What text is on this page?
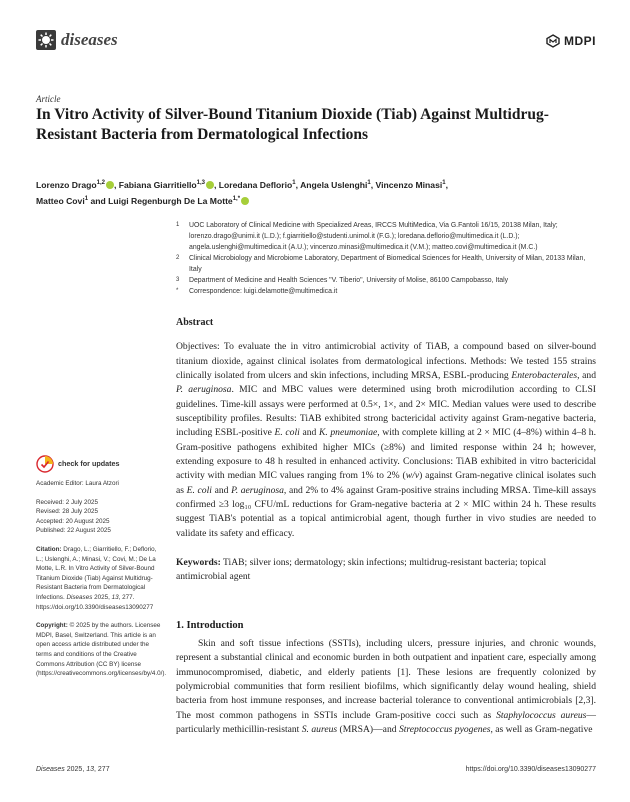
diseases	MDPI
Article
In Vitro Activity of Silver-Bound Titanium Dioxide (Tiab) Against Multidrug-Resistant Bacteria from Dermatological Infections
Lorenzo Drago$^{1,2}$ , Fabiana Giarritiello$^{1,3}$ , Loredana Deflorio$^1$, Angela Uslenghi$^1$, Vincenzo Minasi$^1$,
Matteo Covi$^1$ and Luigi Regenburgh De La Motte$^{1,*}$
1 UOC Laboratory of Clinical Medicine with Specialized Areas, IRCCS MultiMedica, Via G.Fantoli 16/15, 20138 Milan, Italy; lorenzo.drago@unimi.it (L.D.); f.giarritiello@studenti.unimol.it (F.G.); loredana.deflorio@multimedica.it (L.D.); angela.uslenghi@multimedica.it (A.U.); vincenzo.minasi@multimedica.it (V.M.); matteo.covi@multimedica.it (M.C.)
2 Clinical Microbiology and Microbiome Laboratory, Department of Biomedical Sciences for Health, University of Milan, 20133 Milan, Italy
3 Department of Medicine and Health Sciences "V. Tiberio", University of Molise, 86100 Campobasso, Italy
* Correspondence: luigi.delamotte@multimedica.it
Abstract

Objectives: To evaluate the in vitro antimicrobial activity of TiAB, a compound based on silver-bound titanium dioxide, against clinical isolates from dermatological infections. Methods: We tested 155 strains clinically isolated from ulcers and skin infections, including MRSA, ESBL-producing Enterobacterales, and P. aeruginosa. MIC and MBC values were determined using broth microdilution according to CLSI guidelines. Time-kill assays were performed at 0.5×, 1×, and 2× MIC. Median values were used to describe susceptibility profiles. Results: TiAB exhibited strong bactericidal activity against Gram-negative bacteria, including ESBL-positive E. coli and K. pneumoniae, with complete killing at 2 × MIC (4–8%) within 4–8 h. Gram-positive pathogens exhibited higher MICs (≥8%) and limited response within 24 h; however, extending exposure to 48 h resulted in enhanced activity. Conclusions: TiAB exhibited in vitro bactericidal activity with median MIC values ranging from 1% to 2% (w/v) against Gram-negative clinical isolates such as E. coli and P. aeruginosa, and 2% to 4% against Gram-positive strains including MRSA. Time-kill assays confirmed ≥3 log₁₀ CFU/mL reductions for Gram-negative bacteria at 2 × MIC within 24 h. These results suggest TiAB's potential as a topical antimicrobial agent, though further in vivo studies are needed to validate its safety and efficacy.

Keywords: TiAB; silver ions; dermatology; skin infections; multidrug-resistant bacteria; topical antimicrobial agent
check for updates
Academic Editor: Laura Atzori
Received: 2 July 2025
Revised: 28 July 2025
Accepted: 20 August 2025
Published: 22 August 2025
Citation: Drago, L.; Giarritiello, F.; Deflorio, L.; Uslenghi, A.; Minasi, V.; Covi, M.; De La Motte, L.R. In Vitro Activity of Silver-Bound Titanium Dioxide (Tiab) Against Multidrug-Resistant Bacteria from Dermatological Infections. Diseases 2025, 13, 277. https://doi.org/10.3390/diseases13090277
Copyright: © 2025 by the authors. Licensee MDPI, Basel, Switzerland. This article is an open access article distributed under the terms and conditions of the Creative Commons Attribution (CC BY) license (https://creativecommons.org/licenses/by/4.0/).
1. Introduction

Skin and soft tissue infections (SSTIs), including ulcers, pressure injuries, and chronic wounds, represent a substantial clinical and economic burden in both outpatient and inpatient care, especially among immunocompromised, diabetic, and elderly patients [1]. These lesions are frequently colonized by polymicrobial communities that form resilient biofilms, which significantly delay wound healing, shield bacteria from host immune responses, and increase bacterial tolerance to conventional antimicrobials [2,3]. The most common pathogens in SSTIs include Gram-positive cocci such as Staphylococcus aureus—particularly methicillin-resistant S. aureus (MRSA)—and Streptococcus pyogenes, as well as Gram-negative

Diseases 2025, 13, 277	https://doi.org/10.3390/diseases13090277
